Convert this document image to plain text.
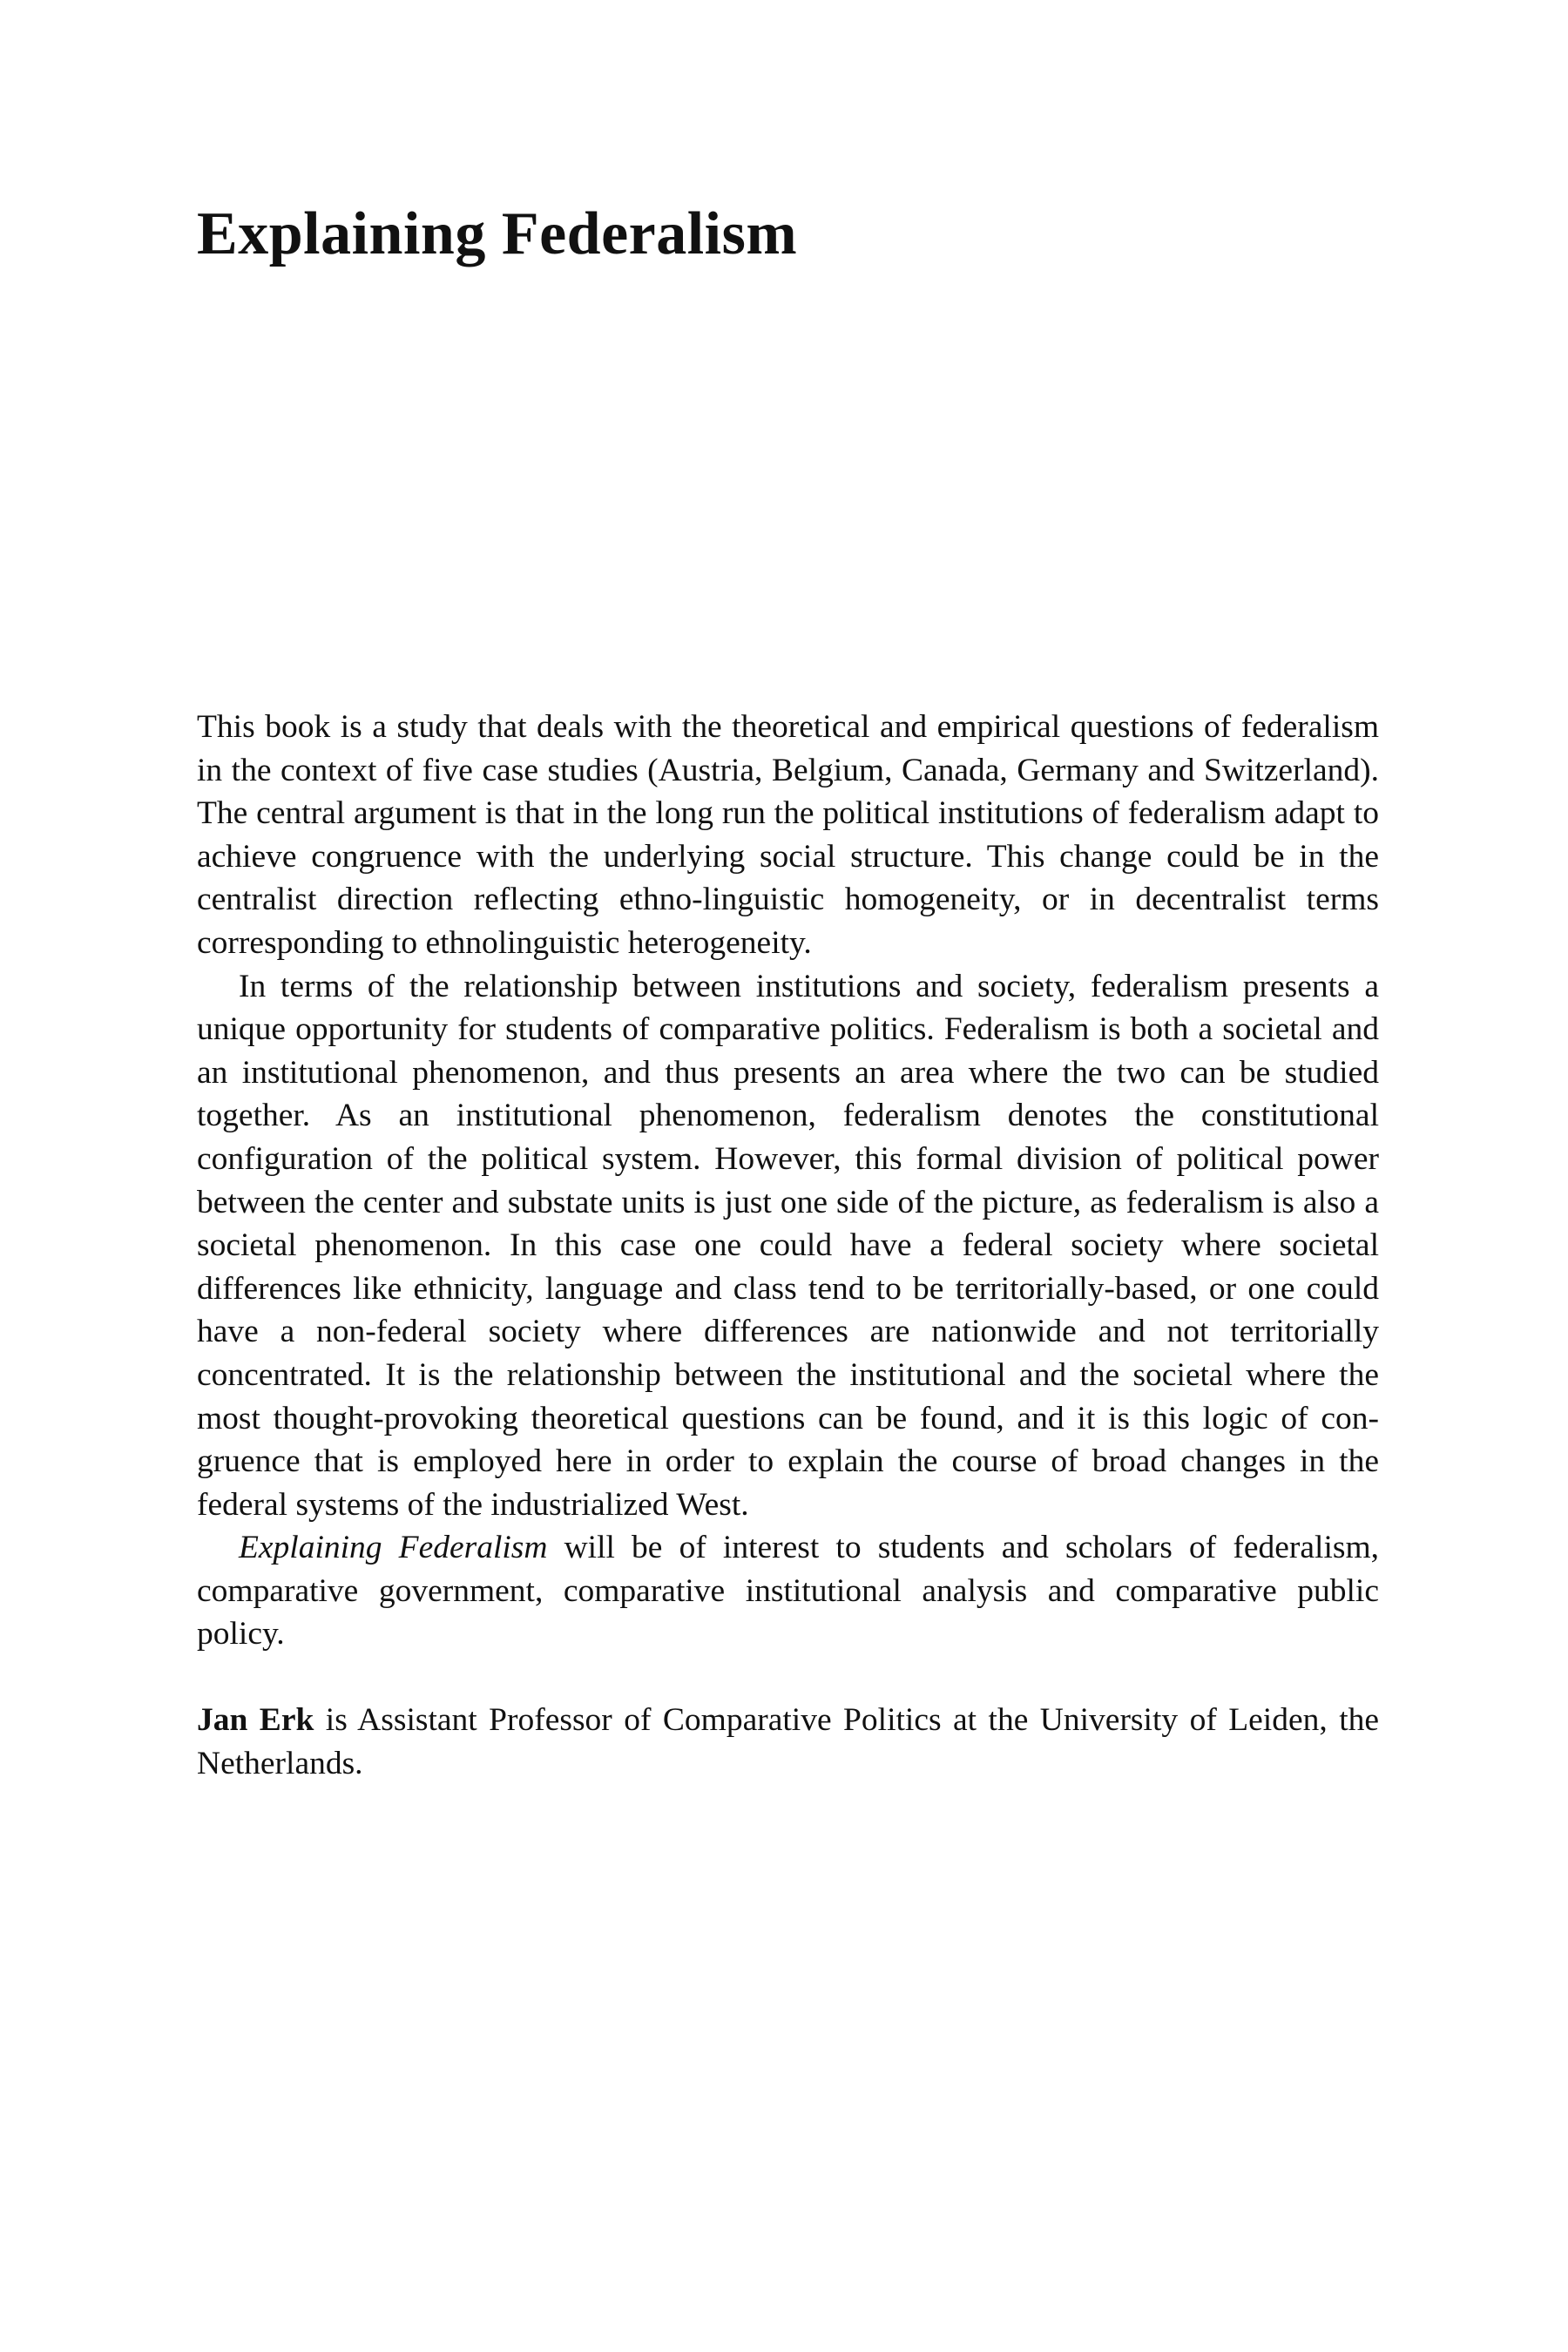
Explaining Federalism

This book is a study that deals with the theoretical and empirical questions of federalism in the context of five case studies (Austria, Belgium, Canada, Germany and Switzerland). The central argument is that in the long run the political institutions of federalism adapt to achieve congruence with the underlying social structure. This change could be in the centralist direction reflecting ethno-linguistic homogeneity, or in decentralist terms corresponding to ethnolinguistic heterogeneity.

In terms of the relationship between institutions and society, federalism presents a unique opportunity for students of comparative politics. Federalism is both a societal and an institutional phenomenon, and thus presents an area where the two can be studied together. As an institutional phenomenon, federalism denotes the constitutional configuration of the political system. However, this formal division of political power between the center and substate units is just one side of the picture, as federalism is also a societal phenomenon. In this case one could have a federal society where societal differences like ethnicity, language and class tend to be territorially-based, or one could have a non-federal society where differences are nationwide and not territorially concentrated. It is the relationship between the institutional and the societal where the most thought-provoking theoretical questions can be found, and it is this logic of congruence that is employed here in order to explain the course of broad changes in the federal systems of the industrialized West.

Explaining Federalism will be of interest to students and scholars of federalism, comparative government, comparative institutional analysis and comparative public policy.

Jan Erk is Assistant Professor of Comparative Politics at the University of Leiden, the Netherlands.
